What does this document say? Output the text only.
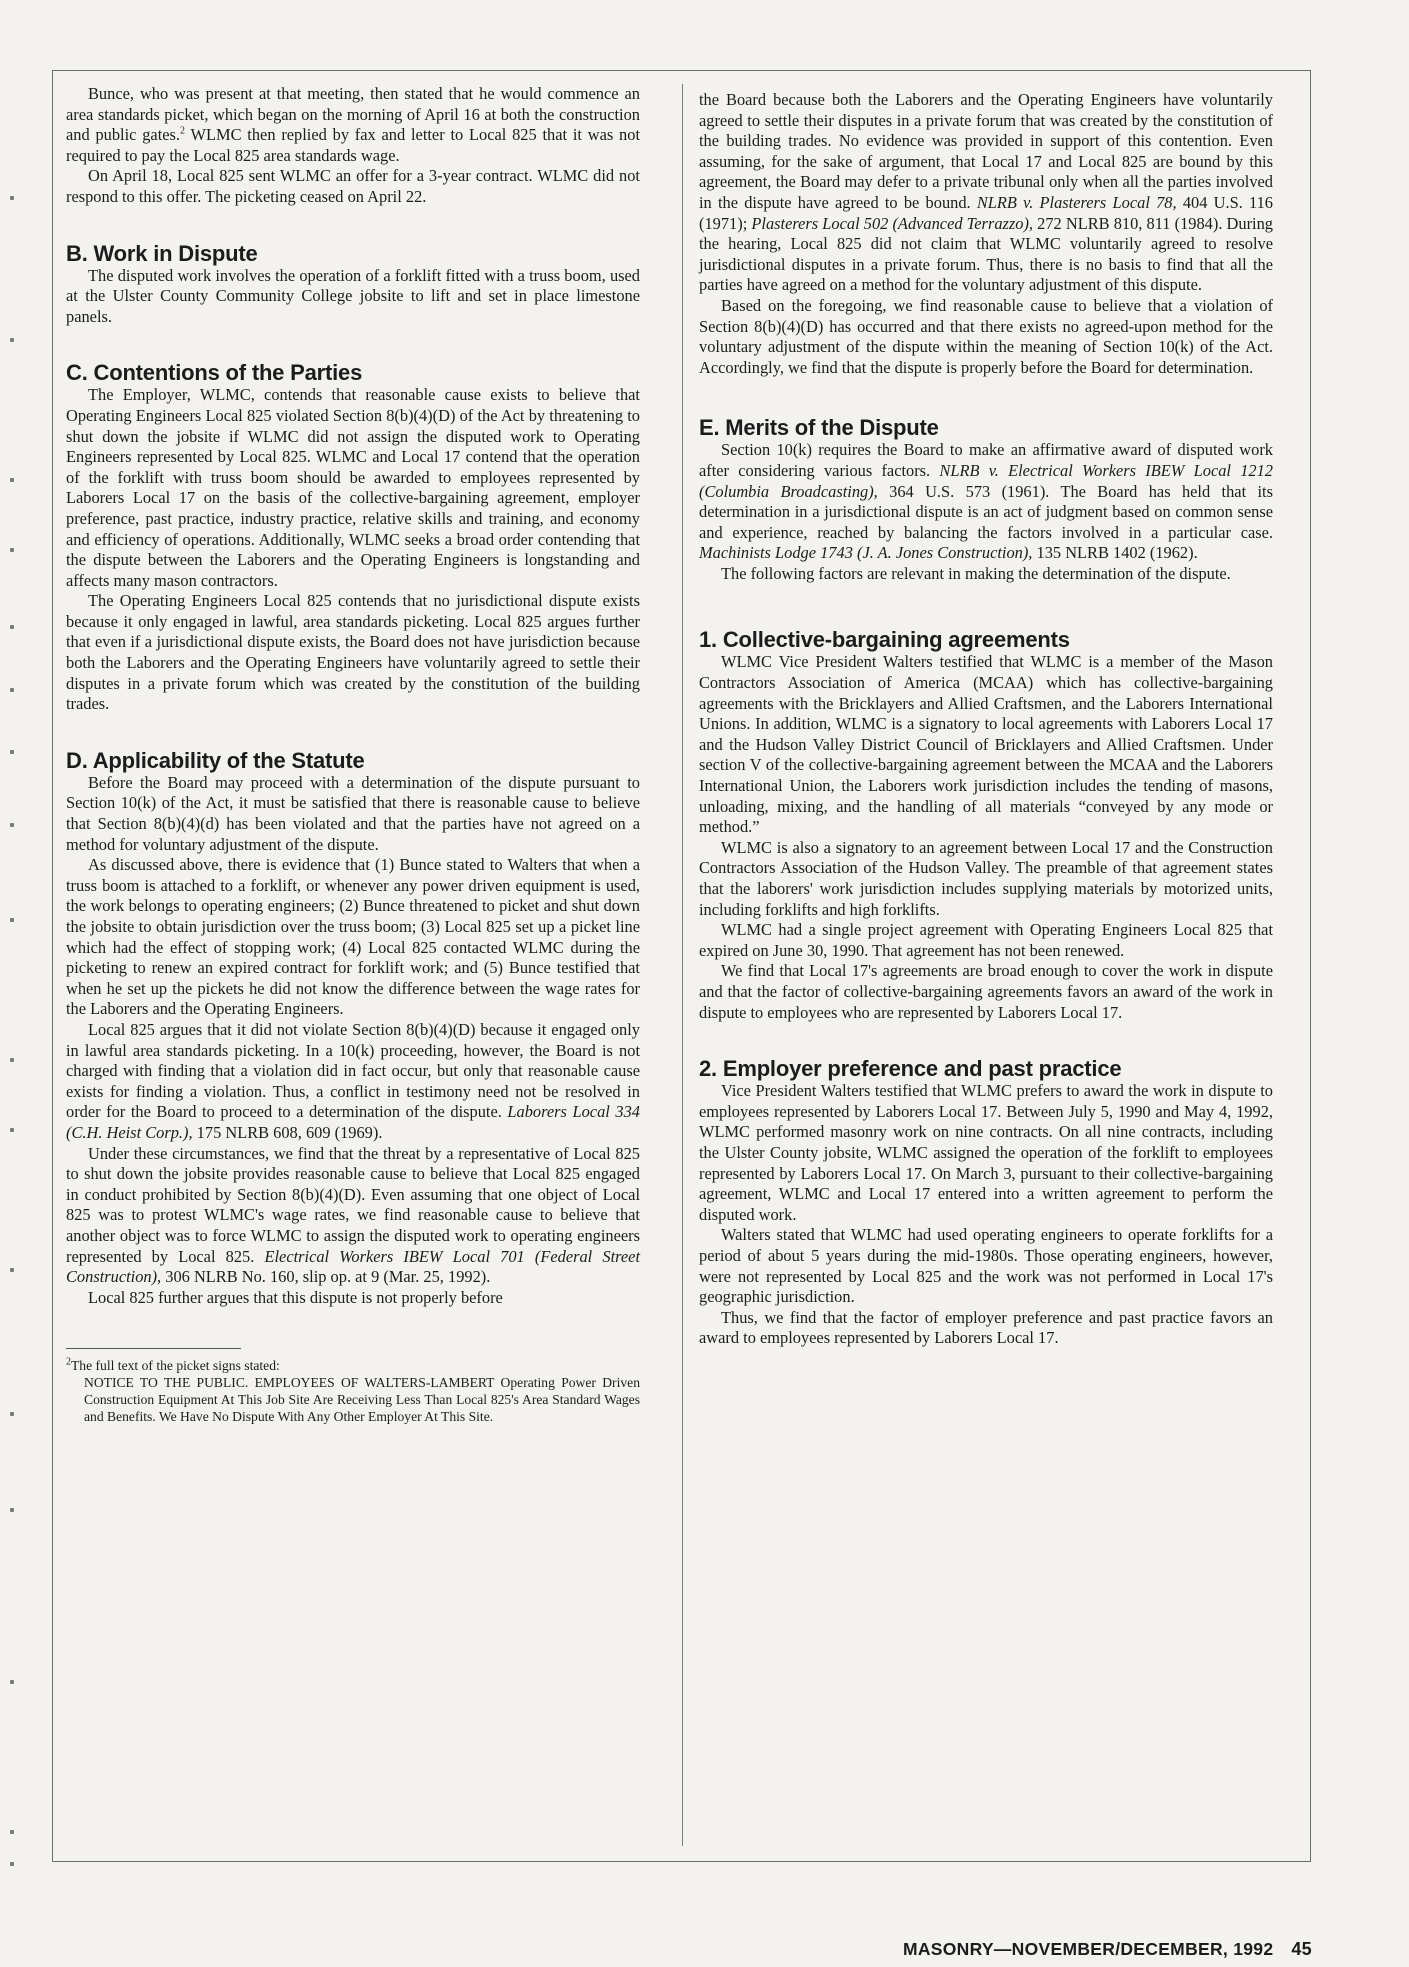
Bunce, who was present at that meeting, then stated that he would commence an area standards picket, which began on the morning of April 16 at both the construction and public gates.$^2$ WLMC then replied by fax and letter to Local 825 that it was not required to pay the Local 825 area standards wage.

On April 18, Local 825 sent WLMC an offer for a 3-year contract. WLMC did not respond to this offer. The picketing ceased on April 22.

B. Work in Dispute

The disputed work involves the operation of a forklift fitted with a truss boom, used at the Ulster County Community College jobsite to lift and set in place limestone panels.

C. Contentions of the Parties

The Employer, WLMC, contends that reasonable cause exists to believe that Operating Engineers Local 825 violated Section 8(b)(4)(D) of the Act by threatening to shut down the jobsite if WLMC did not assign the disputed work to Operating Engineers represented by Local 825. WLMC and Local 17 contend that the operation of the forklift with truss boom should be awarded to employees represented by Laborers Local 17 on the basis of the collective-bargaining agreement, employer preference, past practice, industry practice, relative skills and training, and economy and efficiency of operations. Additionally, WLMC seeks a broad order contending that the dispute between the Laborers and the Operating Engineers is longstanding and affects many mason contractors.

The Operating Engineers Local 825 contends that no jurisdictional dispute exists because it only engaged in lawful, area standards picketing. Local 825 argues further that even if a jurisdictional dispute exists, the Board does not have jurisdiction because both the Laborers and the Operating Engineers have voluntarily agreed to settle their disputes in a private forum which was created by the constitution of the building trades.

D. Applicability of the Statute

Before the Board may proceed with a determination of the dispute pursuant to Section 10(k) of the Act, it must be satisfied that there is reasonable cause to believe that Section 8(b)(4)(d) has been violated and that the parties have not agreed on a method for voluntary adjustment of the dispute.

As discussed above, there is evidence that (1) Bunce stated to Walters that when a truss boom is attached to a forklift, or whenever any power driven equipment is used, the work belongs to operating engineers; (2) Bunce threatened to picket and shut down the jobsite to obtain jurisdiction over the truss boom; (3) Local 825 set up a picket line which had the effect of stopping work; (4) Local 825 contacted WLMC during the picketing to renew an expired contract for forklift work; and (5) Bunce testified that when he set up the pickets he did not know the difference between the wage rates for the Laborers and the Operating Engineers.

Local 825 argues that it did not violate Section 8(b)(4)(D) because it engaged only in lawful area standards picketing. In a 10(k) proceeding, however, the Board is not charged with finding that a violation did in fact occur, but only that reasonable cause exists for finding a violation. Thus, a conflict in testimony need not be resolved in order for the Board to proceed to a determination of the dispute. Laborers Local 334 (C.H. Heist Corp.), 175 NLRB 608, 609 (1969).

Under these circumstances, we find that the threat by a representative of Local 825 to shut down the jobsite provides reasonable cause to believe that Local 825 engaged in conduct prohibited by Section 8(b)(4)(D). Even assuming that one object of Local 825 was to protest WLMC's wage rates, we find reasonable cause to believe that another object was to force WLMC to assign the disputed work to operating engineers represented by Local 825. Electrical Workers IBEW Local 701 (Federal Street Construction), 306 NLRB No. 160, slip op. at 9 (Mar. 25, 1992).

Local 825 further argues that this dispute is not properly before

$^2$The full text of the picket signs stated:
NOTICE TO THE PUBLIC. EMPLOYEES OF WALTERS-LAMBERT Operating Power Driven Construction Equipment At This Job Site Are Receiving Less Than Local 825's Area Standard Wages and Benefits. We Have No Dispute With Any Other Employer At This Site.

the Board because both the Laborers and the Operating Engineers have voluntarily agreed to settle their disputes in a private forum that was created by the constitution of the building trades. No evidence was provided in support of this contention. Even assuming, for the sake of argument, that Local 17 and Local 825 are bound by this agreement, the Board may defer to a private tribunal only when all the parties involved in the dispute have agreed to be bound. NLRB v. Plasterers Local 78, 404 U.S. 116 (1971); Plasterers Local 502 (Advanced Terrazzo), 272 NLRB 810, 811 (1984). During the hearing, Local 825 did not claim that WLMC voluntarily agreed to resolve jurisdictional disputes in a private forum. Thus, there is no basis to find that all the parties have agreed on a method for the voluntary adjustment of this dispute.

Based on the foregoing, we find reasonable cause to believe that a violation of Section 8(b)(4)(D) has occurred and that there exists no agreed-upon method for the voluntary adjustment of the dispute within the meaning of Section 10(k) of the Act. Accordingly, we find that the dispute is properly before the Board for determination.

E. Merits of the Dispute

Section 10(k) requires the Board to make an affirmative award of disputed work after considering various factors. NLRB v. Electrical Workers IBEW Local 1212 (Columbia Broadcasting), 364 U.S. 573 (1961). The Board has held that its determination in a jurisdictional dispute is an act of judgment based on common sense and experience, reached by balancing the factors involved in a particular case. Machinists Lodge 1743 (J. A. Jones Construction), 135 NLRB 1402 (1962).

The following factors are relevant in making the determination of the dispute.

1. Collective-bargaining agreements

WLMC Vice President Walters testified that WLMC is a member of the Mason Contractors Association of America (MCAA) which has collective-bargaining agreements with the Bricklayers and Allied Craftsmen, and the Laborers International Unions. In addition, WLMC is a signatory to local agreements with Laborers Local 17 and the Hudson Valley District Council of Bricklayers and Allied Craftsmen. Under section V of the collective-bargaining agreement between the MCAA and the Laborers International Union, the Laborers work jurisdiction includes the tending of masons, unloading, mixing, and the handling of all materials “conveyed by any mode or method.”

WLMC is also a signatory to an agreement between Local 17 and the Construction Contractors Association of the Hudson Valley. The preamble of that agreement states that the laborers' work jurisdiction includes supplying materials by motorized units, including forklifts and high forklifts.

WLMC had a single project agreement with Operating Engineers Local 825 that expired on June 30, 1990. That agreement has not been renewed.

We find that Local 17's agreements are broad enough to cover the work in dispute and that the factor of collective-bargaining agreements favors an award of the work in dispute to employees who are represented by Laborers Local 17.

2. Employer preference and past practice

Vice President Walters testified that WLMC prefers to award the work in dispute to employees represented by Laborers Local 17. Between July 5, 1990 and May 4, 1992, WLMC performed masonry work on nine contracts. On all nine contracts, including the Ulster County jobsite, WLMC assigned the operation of the forklift to employees represented by Laborers Local 17. On March 3, pursuant to their collective-bargaining agreement, WLMC and Local 17 entered into a written agreement to perform the disputed work.

Walters stated that WLMC had used operating engineers to operate forklifts for a period of about 5 years during the mid-1980s. Those operating engineers, however, were not represented by Local 825 and the work was not performed in Local 17's geographic jurisdiction.

Thus, we find that the factor of employer preference and past practice favors an award to employees represented by Laborers Local 17.

MASONRY—NOVEMBER/DECEMBER, 1992 45
